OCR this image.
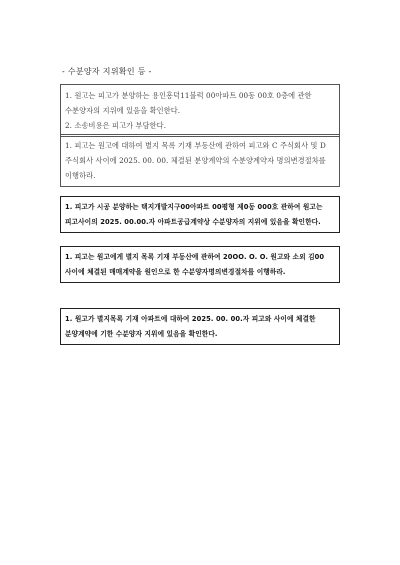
- 수분양자 지위확인 등 -

1. 원고는 피고가 분양하는 용인흥덕11블럭 00아파트 00동 00호 0층에 관한 수분양자의 지위에 있음을 확인한다.

2. 소송비용은 피고가 부담한다.

1. 피고는 원고에 대하여 별지 목록 기재 부동산에 관하여 피고와 C 주식회사 및 D 주식회사 사이에 2025. 00. 00. 체결된 분양계약의 수분양계약자 명의변경절차를 이행하라.

1. 피고가 시공 분양하는 택지개발지구00아파트 00평형 제0동 000호 관하여 원고는 피고사이의 2025. 00.00.자 아파트공급계약상 수분양자의 지위에 있음을 확인한다.

1. 피고는 원고에게 별지 목록 기재 부동산에 관하여 20OO. O. O. 원고와 소외 김00 사이에 체결된 매매계약을 원인으로 한 수분양자명의변경절차를 이행하라.

1. 원고가 별지목록 기재 아파트에 대하여 2025. 00. 00.자 피고와 사이에 체결한 분양계약에 기한 수분양자 지위에 있음을 확인한다.
